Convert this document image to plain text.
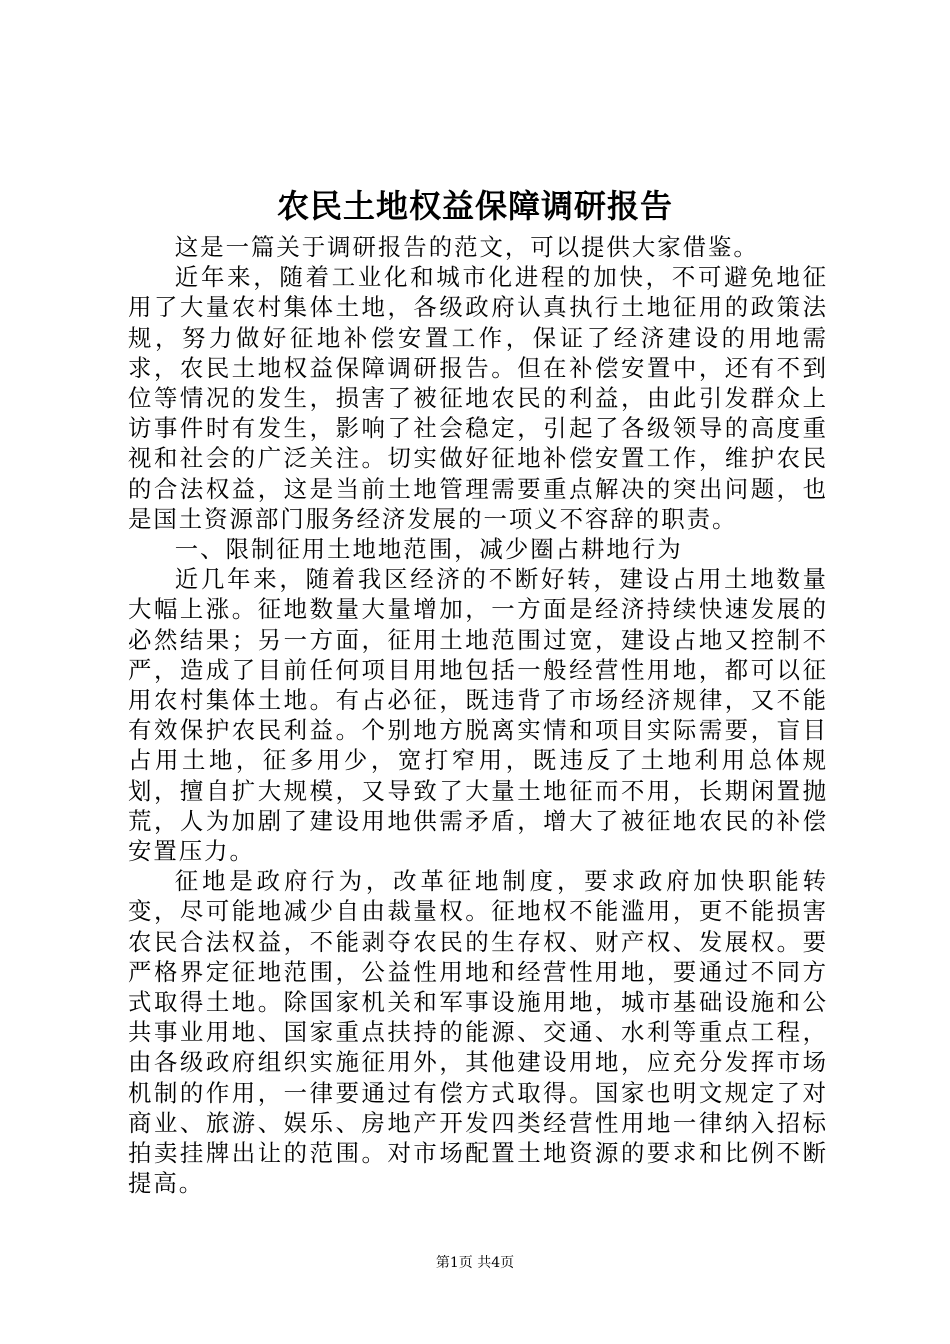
农民土地权益保障调研报告

这是一篇关于调研报告的范文，可以提供大家借鉴。

近年来，随着工业化和城市化进程的加快，不可避免地征用了大量农村集体土地，各级政府认真执行土地征用的政策法规，努力做好征地补偿安置工作，保证了经济建设的用地需求，农民土地权益保障调研报告。但在补偿安置中，还有不到位等情况的发生，损害了被征地农民的利益，由此引发群众上访事件时有发生，影响了社会稳定，引起了各级领导的高度重视和社会的广泛关注。切实做好征地补偿安置工作，维护农民的合法权益，这是当前土地管理需要重点解决的突出问题，也是国土资源部门服务经济发展的一项义不容辞的职责。

一、限制征用土地地范围，减少圈占耕地行为

近几年来，随着我区经济的不断好转，建设占用土地数量大幅上涨。征地数量大量增加，一方面是经济持续快速发展的必然结果；另一方面，征用土地范围过宽，建设占地又控制不严，造成了目前任何项目用地包括一般经营性用地，都可以征用农村集体土地。有占必征，既违背了市场经济规律，又不能有效保护农民利益。个别地方脱离实情和项目实际需要，盲目占用土地，征多用少，宽打窄用，既违反了土地利用总体规划，擅自扩大规模，又导致了大量土地征而不用，长期闲置抛荒，人为加剧了建设用地供需矛盾，增大了被征地农民的补偿安置压力。

征地是政府行为，改革征地制度，要求政府加快职能转变，尽可能地减少自由裁量权。征地权不能滥用，更不能损害农民合法权益，不能剥夺农民的生存权、财产权、发展权。要严格界定征地范围，公益性用地和经营性用地，要通过不同方式取得土地。除国家机关和军事设施用地，城市基础设施和公共事业用地、国家重点扶持的能源、交通、水利等重点工程，由各级政府组织实施征用外，其他建设用地，应充分发挥市场机制的作用，一律要通过有偿方式取得。国家也明文规定了对商业、旅游、娱乐、房地产开发四类经营性用地一律纳入招标拍卖挂牌出让的范围。对市场配置土地资源的要求和比例不断提高。

第1页 共4页
